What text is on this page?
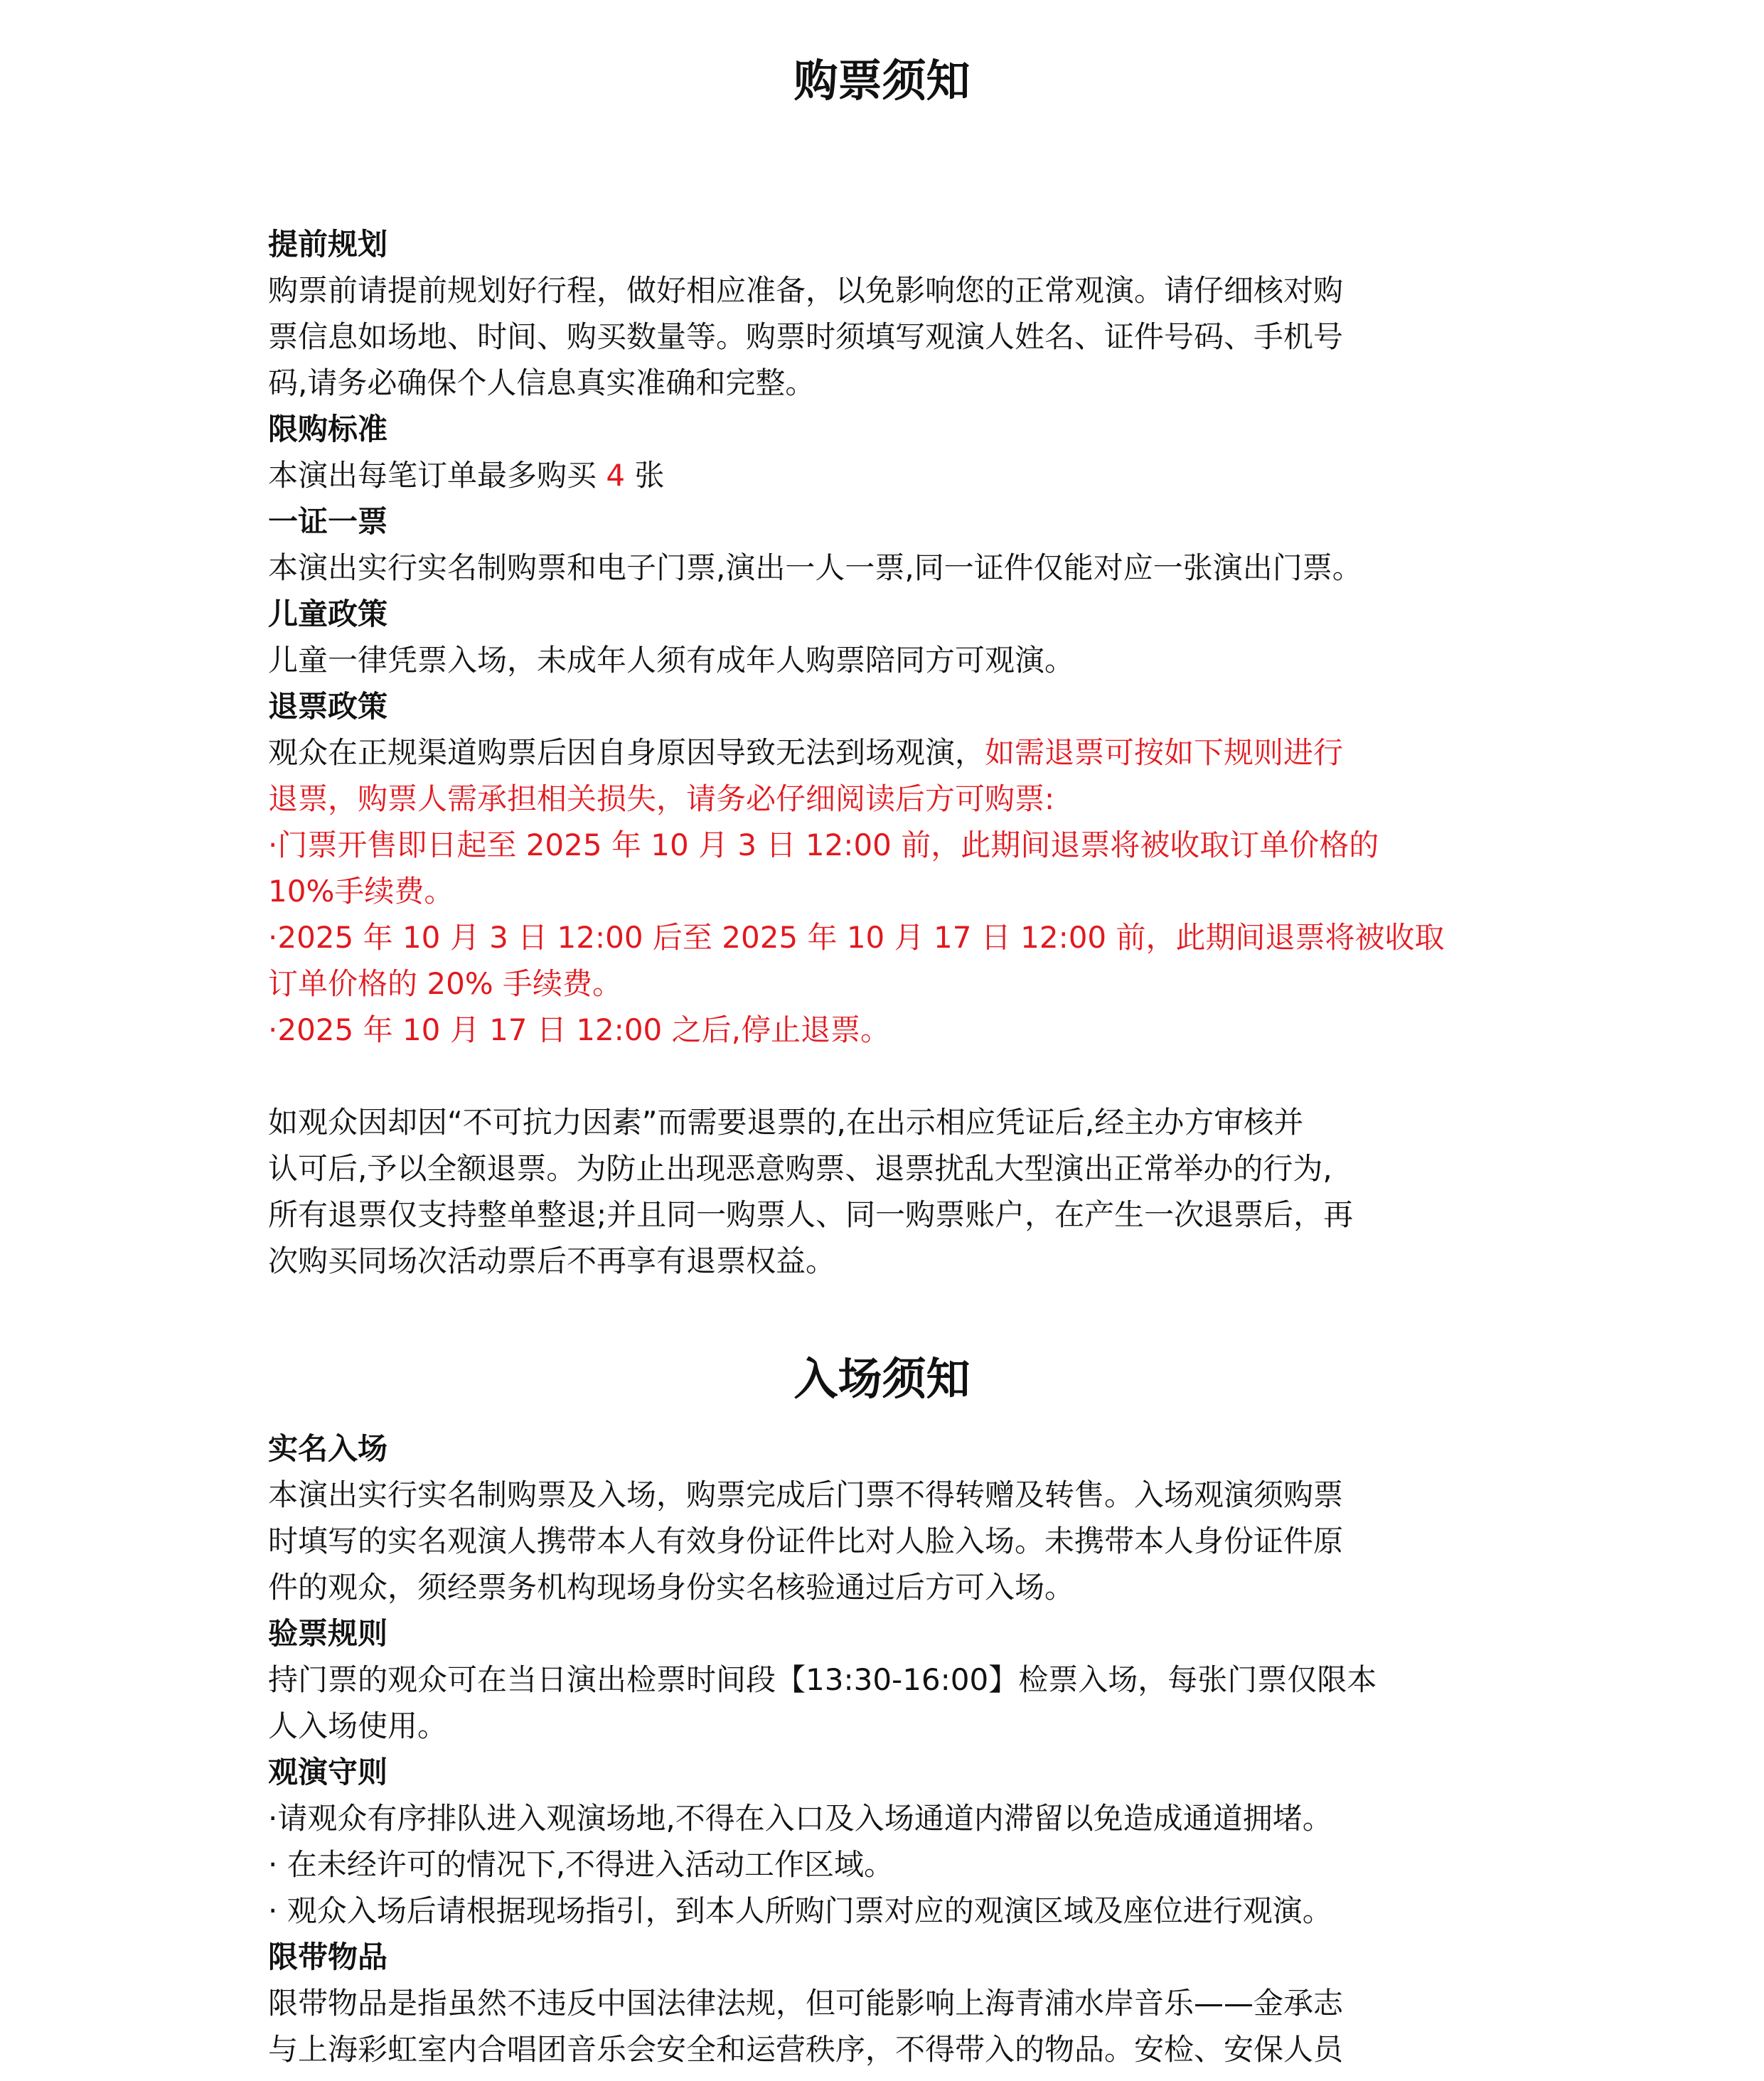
购票须知

提前规划

购票前请提前规划好行程，做好相应准备，以免影响您的正常观演。请仔细核对购

票信息如场地、时间、购买数量等。购票时须填写观演人姓名、证件号码、手机号

码,请务必确保个人信息真实准确和完整。

限购标准

本演出每笔订单最多购买 4 张

一证一票

本演出实行实名制购票和电子门票,演出一人一票,同一证件仅能对应一张演出门票。

儿童政策

儿童一律凭票入场，未成年人须有成年人购票陪同方可观演。

退票政策

观众在正规渠道购票后因自身原因导致无法到场观演，如需退票可按如下规则进行

退票，购票人需承担相关损失，请务必仔细阅读后方可购票:

·门票开售即日起至 2025 年 10 月 3 日 12:00 前，此期间退票将被收取订单价格的

10%手续费。

·2025 年 10 月 3 日 12:00 后至 2025 年 10 月 17 日 12:00 前，此期间退票将被收取

订单价格的 20% 手续费。

·2025 年 10 月 17 日 12:00 之后,停止退票。

如观众因却因“不可抗力因素”而需要退票的,在出示相应凭证后,经主办方审核并

认可后,予以全额退票。为防止出现恶意购票、退票扰乱大型演出正常举办的行为,

所有退票仅支持整单整退;并且同一购票人、同一购票账户，在产生一次退票后，再

次购买同场次活动票后不再享有退票权益。

入场须知

实名入场

本演出实行实名制购票及入场，购票完成后门票不得转赠及转售。入场观演须购票

时填写的实名观演人携带本人有效身份证件比对人脸入场。未携带本人身份证件原

件的观众，须经票务机构现场身份实名核验通过后方可入场。

验票规则

持门票的观众可在当日演出检票时间段【13:30-16:00】检票入场，每张门票仅限本

人入场使用。

观演守则

·请观众有序排队进入观演场地,不得在入口及入场通道内滞留以免造成通道拥堵。

· 在未经许可的情况下,不得进入活动工作区域。

· 观众入场后请根据现场指引，到本人所购门票对应的观演区域及座位进行观演。

限带物品

限带物品是指虽然不违反中国法律法规，但可能影响上海青浦水岸音乐——金承志

与上海彩虹室内合唱团音乐会安全和运营秩序，不得带入的物品。安检、安保人员
